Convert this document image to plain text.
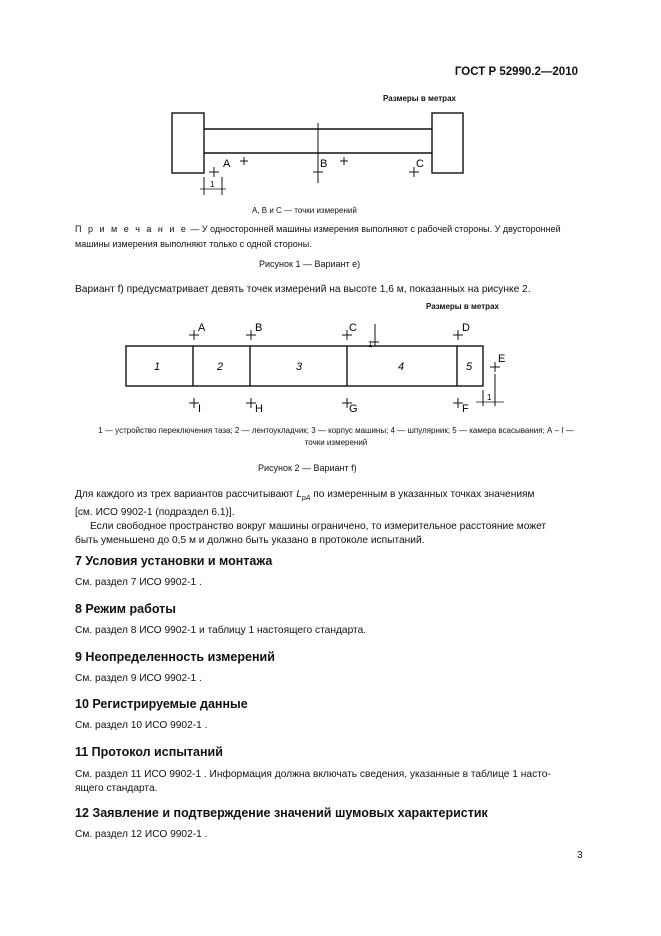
ГОСТ Р 52990.2—2010
Размеры в метрах
A	B	C
1
А, В и С — точки измерений
П р и м е ч а н и е — У односторонней машины измерения выполняют с рабочей стороны. У двусторонней
машины измерения выполняют только с одной стороны.
Рисунок 1 — Вариант е)
Вариант f) предусматривает девять точек измерений на высоте 1,6 м, показанных на рисунке 2.
Размеры в метрах
1	2	3	4	5
A	B	C	D
E
I	H	G	F
1
1
1 — устройство переключения таза; 2 — лентоукладчик; 3 — корпус машины; 4 — шпулярник; 5 — камера всасывания; А – I —
точки измерений
Рисунок 2 — Вариант f)
Для каждого из трех вариантов рассчитывают $L_{pA}$ по измеренным в указанных точках значениям
[см. ИСО 9902-1 (подраздел 6.1)].
Если свободное пространство вокруг машины ограничено, то измерительное расстояние может
быть уменьшено до 0,5 м и должно быть указано в протоколе испытаний.
7 Условия установки и монтажа
См. раздел 7 ИСО 9902-1 .
8 Режим работы
См. раздел 8 ИСО 9902-1 и таблицу 1 настоящего стандарта.
9 Неопределенность измерений
См. раздел 9 ИСО 9902-1 .
10 Регистрируемые данные
См. раздел 10 ИСО 9902-1 .
11 Протокол испытаний
См. раздел 11 ИСО 9902-1 . Информация должна включать сведения, указанные в таблице 1 насто-
ящего стандарта.
12 Заявление и подтверждение значений шумовых характеристик
См. раздел 12 ИСО 9902-1 .
3
